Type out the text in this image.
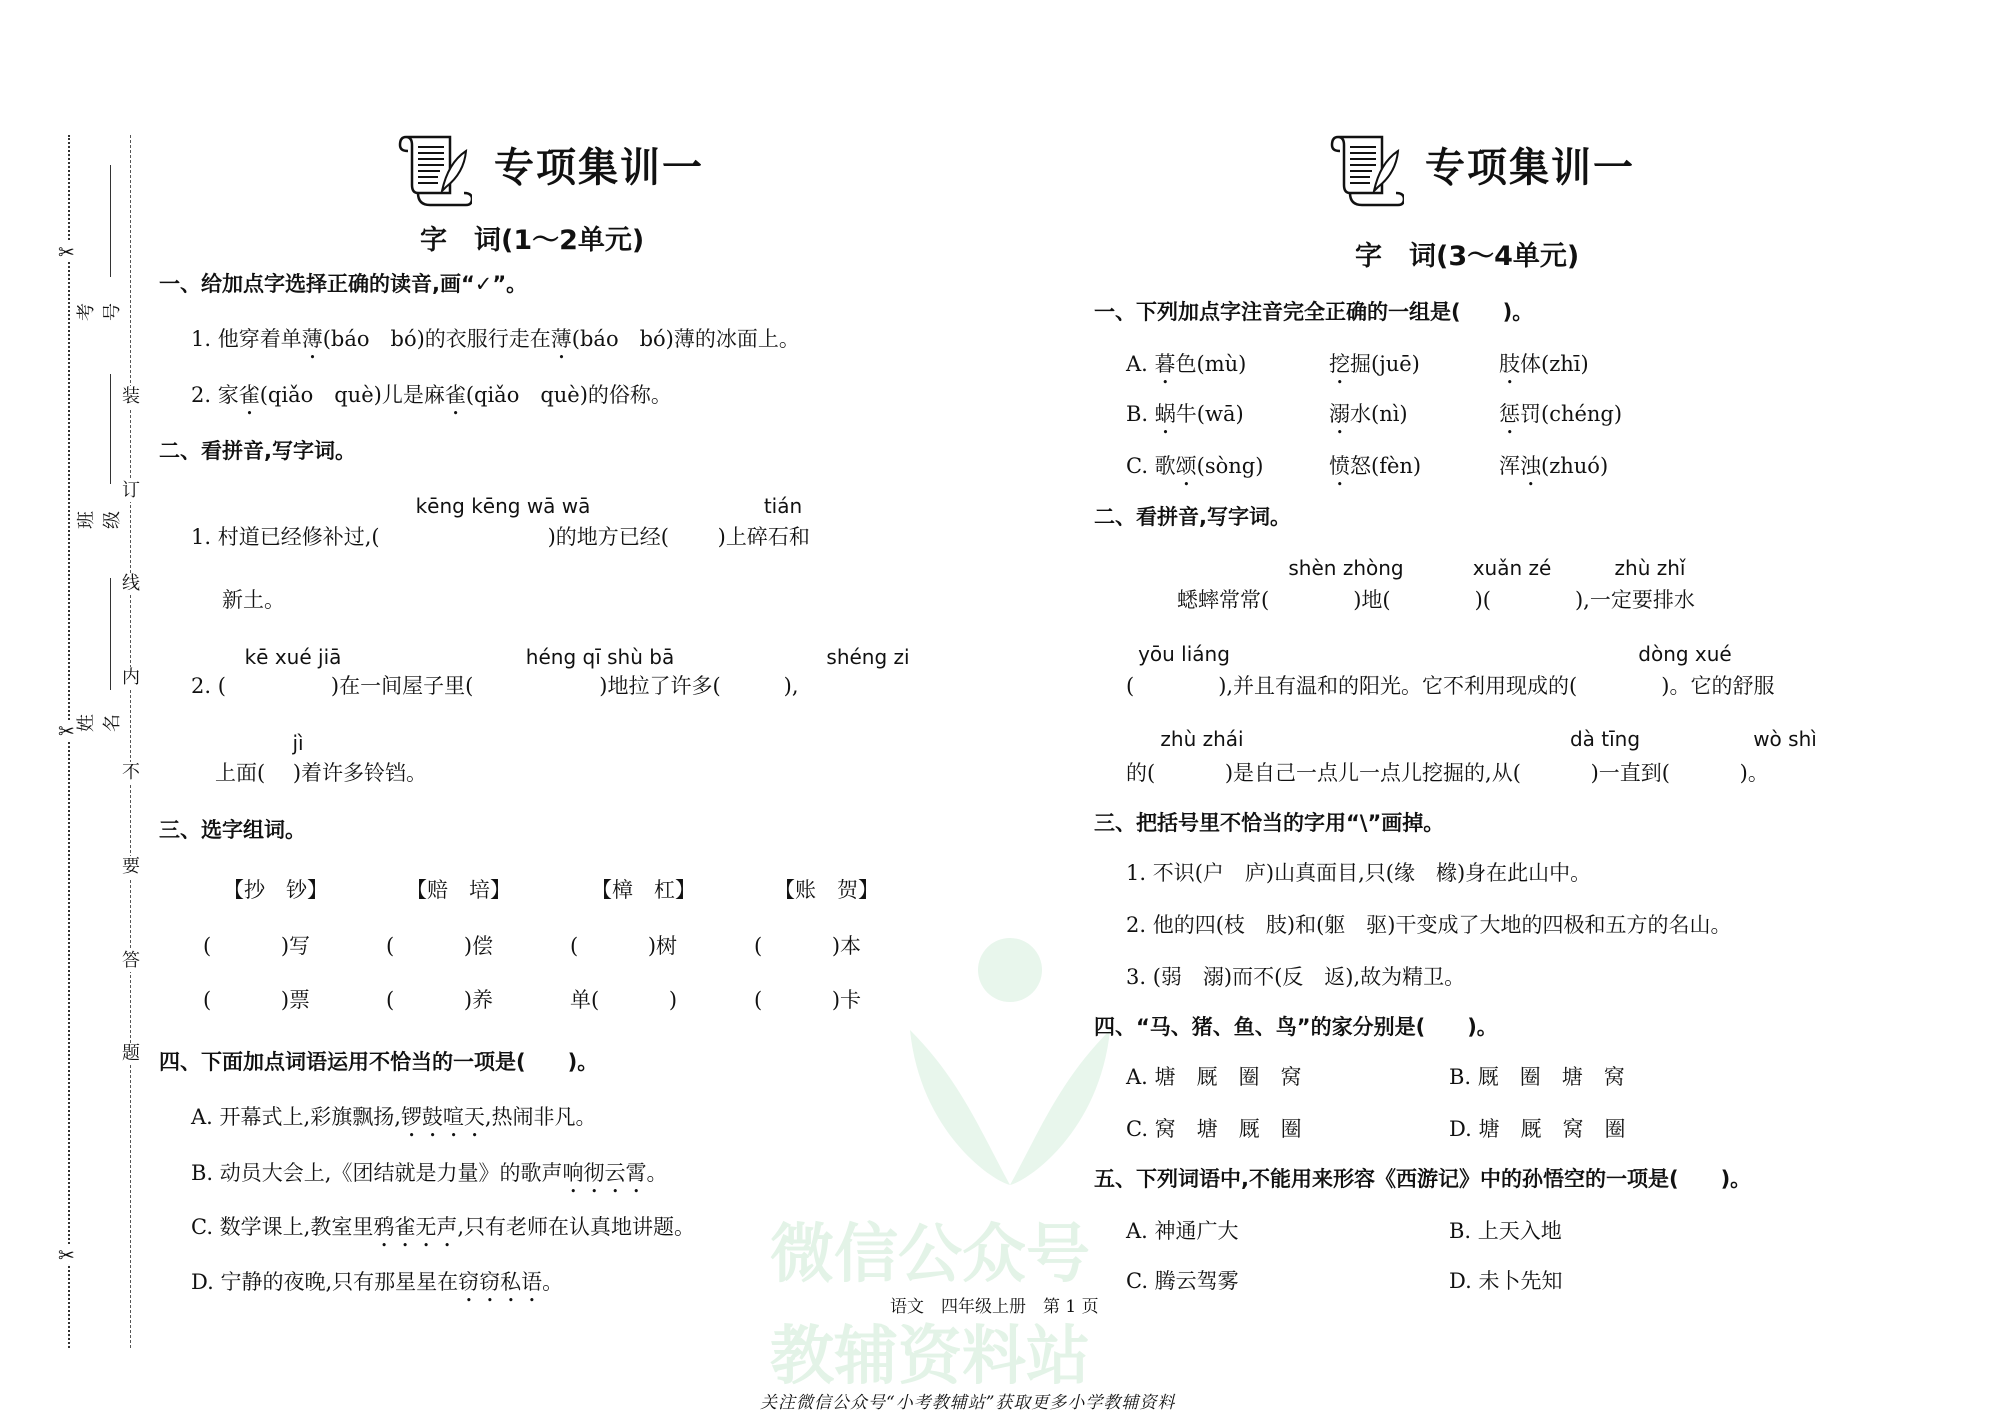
考号
班级
姓名
✂
✂
✂
装
订
线
内
不
要
答
题
微信公众号
教辅资料站
专项集训一
字　词(1～2单元)
一、给加点字选择正确的读音,画“✓”。
1. 他穿着单薄(báo　bó)的衣服行走在薄(báo　bó)薄的冰面上。
2. 家雀(qiǎo　què)儿是麻雀(qiǎo　què)的俗称。
二、看拼音,写字词。
kēng kēng wā wā	tián
1. 村道已经修补过,(　　　　　　　　)的地方已经(　　 )上碎石和
新土。
kē xué jiā	héng qī shù bā	shéng zi
2. (　　　　　)在一间屋子里(　　　　　　)地拉了许多(　　　),
jì
上面(　 )着许多铃铛。
三、选字组词。
【抄　钞】	【赔　培】	【樟　杠】	【账　贺】
(　　　 )写	(　　　 )偿	(　　　 )树	(　　　 )本
(　　　 )票	(　　　 )养	单(　　　 )	(　　　 )卡
四、下面加点词语运用不恰当的一项是(　　)。
A. 开幕式上,彩旗飘扬,锣鼓喧天,热闹非凡。
B. 动员大会上,《团结就是力量》的歌声响彻云霄。
C. 数学课上,教室里鸦雀无声,只有老师在认真地讲题。
D. 宁静的夜晚,只有那星星在窃窃私语。
专项集训一
字　词(3～4单元)
一、下列加点字注音完全正确的一组是(　　)。
A. 暮色(mù)	挖掘(juē)	肢体(zhī)
B. 蜗牛(wā)	溺水(nì)	惩罚(chéng)
C. 歌颂(sòng)	愤怒(fèn)	浑浊(zhuó)
二、看拼音,写字词。
shèn zhòng	xuǎn zé	zhù zhǐ
蟋蟀常常(　　　　)地(　　　　)(　　　　),一定要排水
yōu liáng	dòng xué
(　　　　),并且有温和的阳光。它不利用现成的(　　　　)。它的舒服
zhù zhái	dà tīng	wò shì
的(　　　 )是自己一点儿一点儿挖掘的,从(　　　 )一直到(　　　 )。
三、把括号里不恰当的字用“\”画掉。
1. 不识(户　庐)山真面目,只(缘　橼)身在此山中。
2. 他的四(枝　肢)和(躯　驱)干变成了大地的四极和五方的名山。
3. (弱　溺)而不(反　返),故为精卫。
四、“马、猪、鱼、鸟”的家分别是(　　)。
A. 塘　厩　圈　窝	B. 厩　圈　塘　窝
C. 窝　塘　厩　圈	D. 塘　厩　窝　圈
五、下列词语中,不能用来形容《西游记》中的孙悟空的一项是(　　)。
A. 神通广大	B. 上天入地
C. 腾云驾雾	D. 未卜先知
语文　四年级上册　第 1 页
关注微信公众号“小考教辅站”获取更多小学教辅资料
